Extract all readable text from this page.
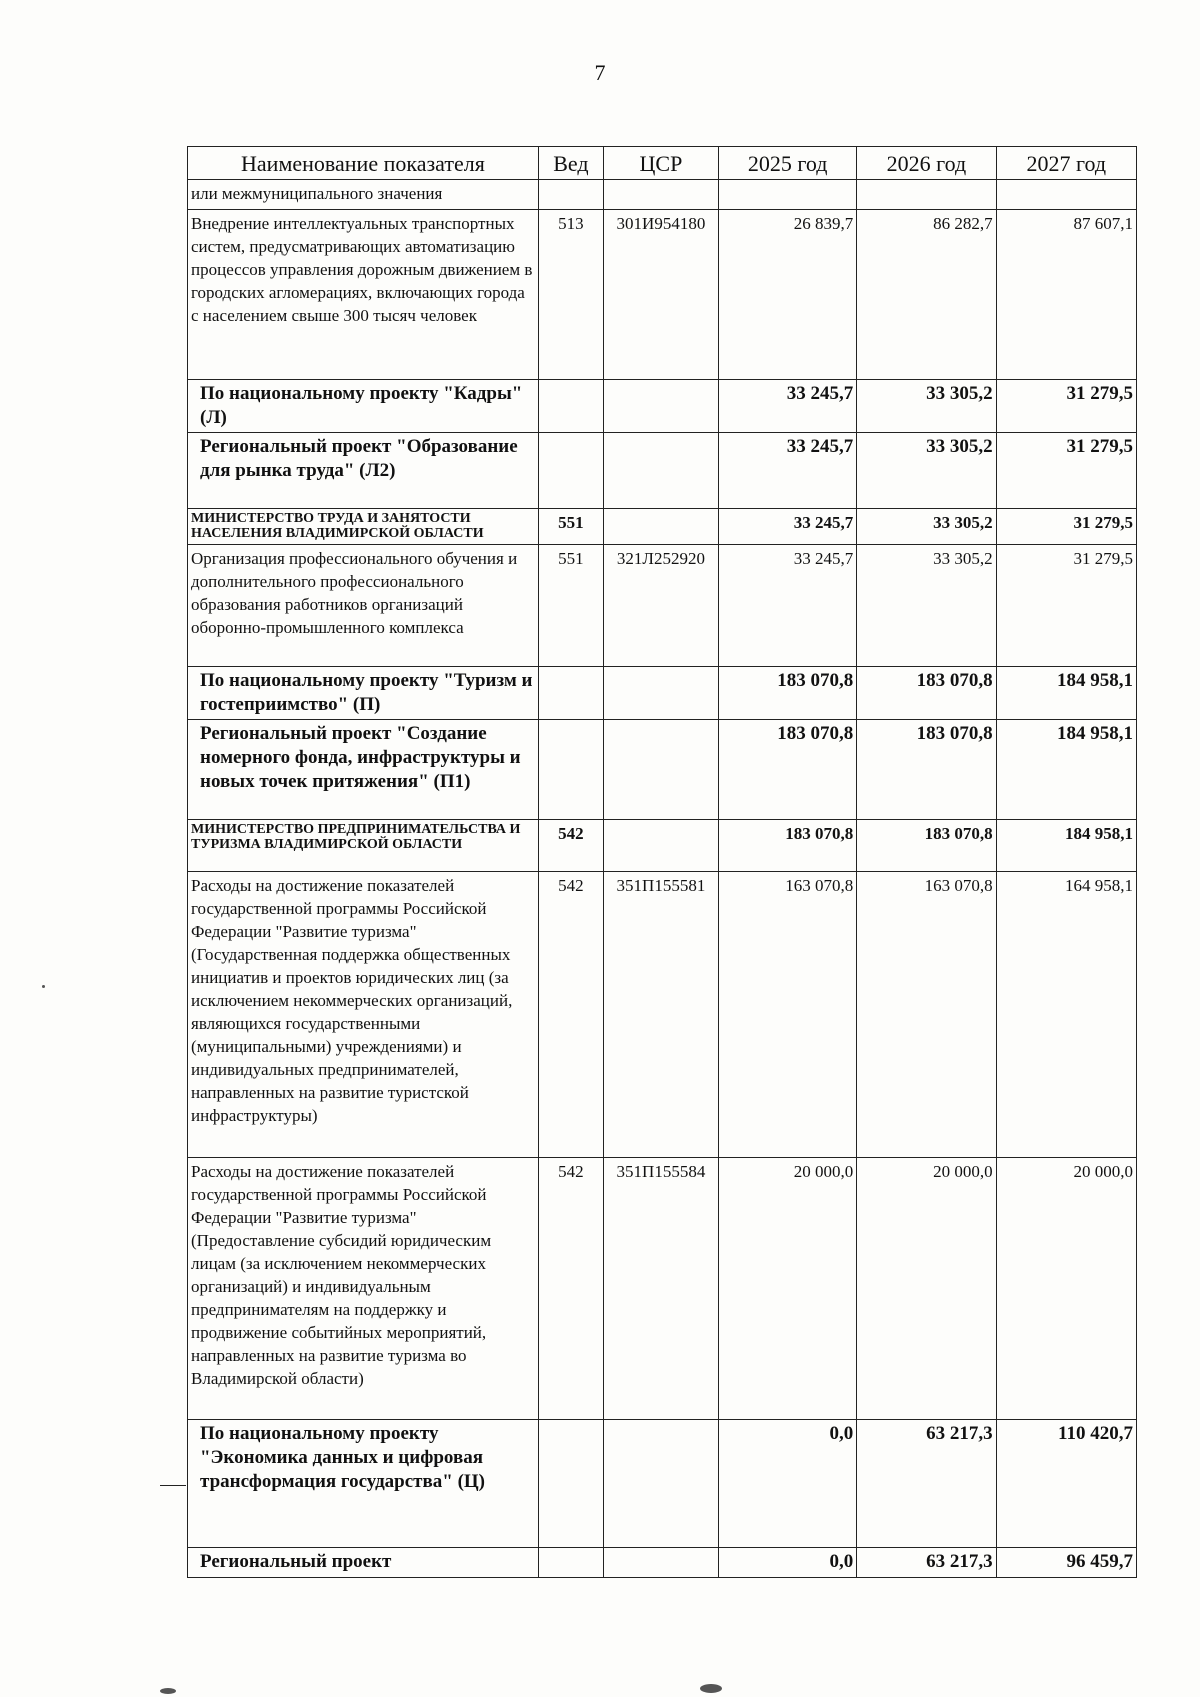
7
Наименование показателя	Вед	ЦСР	2025 год	2026 год	2027 год
или межмуниципального значения					
Внедрение интеллектуальных транспортных систем, предусматривающих автоматизацию процессов управления дорожным движением в городских агломерациях, включающих города с населением свыше 300 тысяч человек	513	301И954180	26 839,7	86 282,7	87 607,1
По национальному проекту "Кадры" (Л)			33 245,7	33 305,2	31 279,5
Региональный проект "Образование для рынка труда" (Л2)			33 245,7	33 305,2	31 279,5
МИНИСТЕРСТВО ТРУДА И ЗАНЯТОСТИ НАСЕЛЕНИЯ ВЛАДИМИРСКОЙ ОБЛАСТИ	551		33 245,7	33 305,2	31 279,5
Организация профессионального обучения и дополнительного профессионального образования работников организаций оборонно-промышленного комплекса	551	321Л252920	33 245,7	33 305,2	31 279,5
По национальному проекту "Туризм и гостеприимство" (П)			183 070,8	183 070,8	184 958,1
Региональный проект "Создание номерного фонда, инфраструктуры и новых точек притяжения" (П1)			183 070,8	183 070,8	184 958,1
МИНИСТЕРСТВО ПРЕДПРИНИМАТЕЛЬСТВА И ТУРИЗМА ВЛАДИМИРСКОЙ ОБЛАСТИ	542		183 070,8	183 070,8	184 958,1
Расходы на достижение показателей государственной программы Российской Федерации "Развитие туризма" (Государственная поддержка общественных инициатив и проектов юридических лиц (за исключением некоммерческих организаций, являющихся государственными (муниципальными) учреждениями) и индивидуальных предпринимателей, направленных на развитие туристской инфраструктуры)	542	351П155581	163 070,8	163 070,8	164 958,1
Расходы на достижение показателей государственной программы Российской Федерации "Развитие туризма" (Предоставление субсидий юридическим лицам (за исключением некоммерческих организаций) и индивидуальным предпринимателям на поддержку и продвижение событийных мероприятий, направленных на развитие туризма во Владимирской области)	542	351П155584	20 000,0	20 000,0	20 000,0
По национальному проекту "Экономика данных и цифровая трансформация государства" (Ц)			0,0	63 217,3	110 420,7
Региональный проект			0,0	63 217,3	96 459,7
